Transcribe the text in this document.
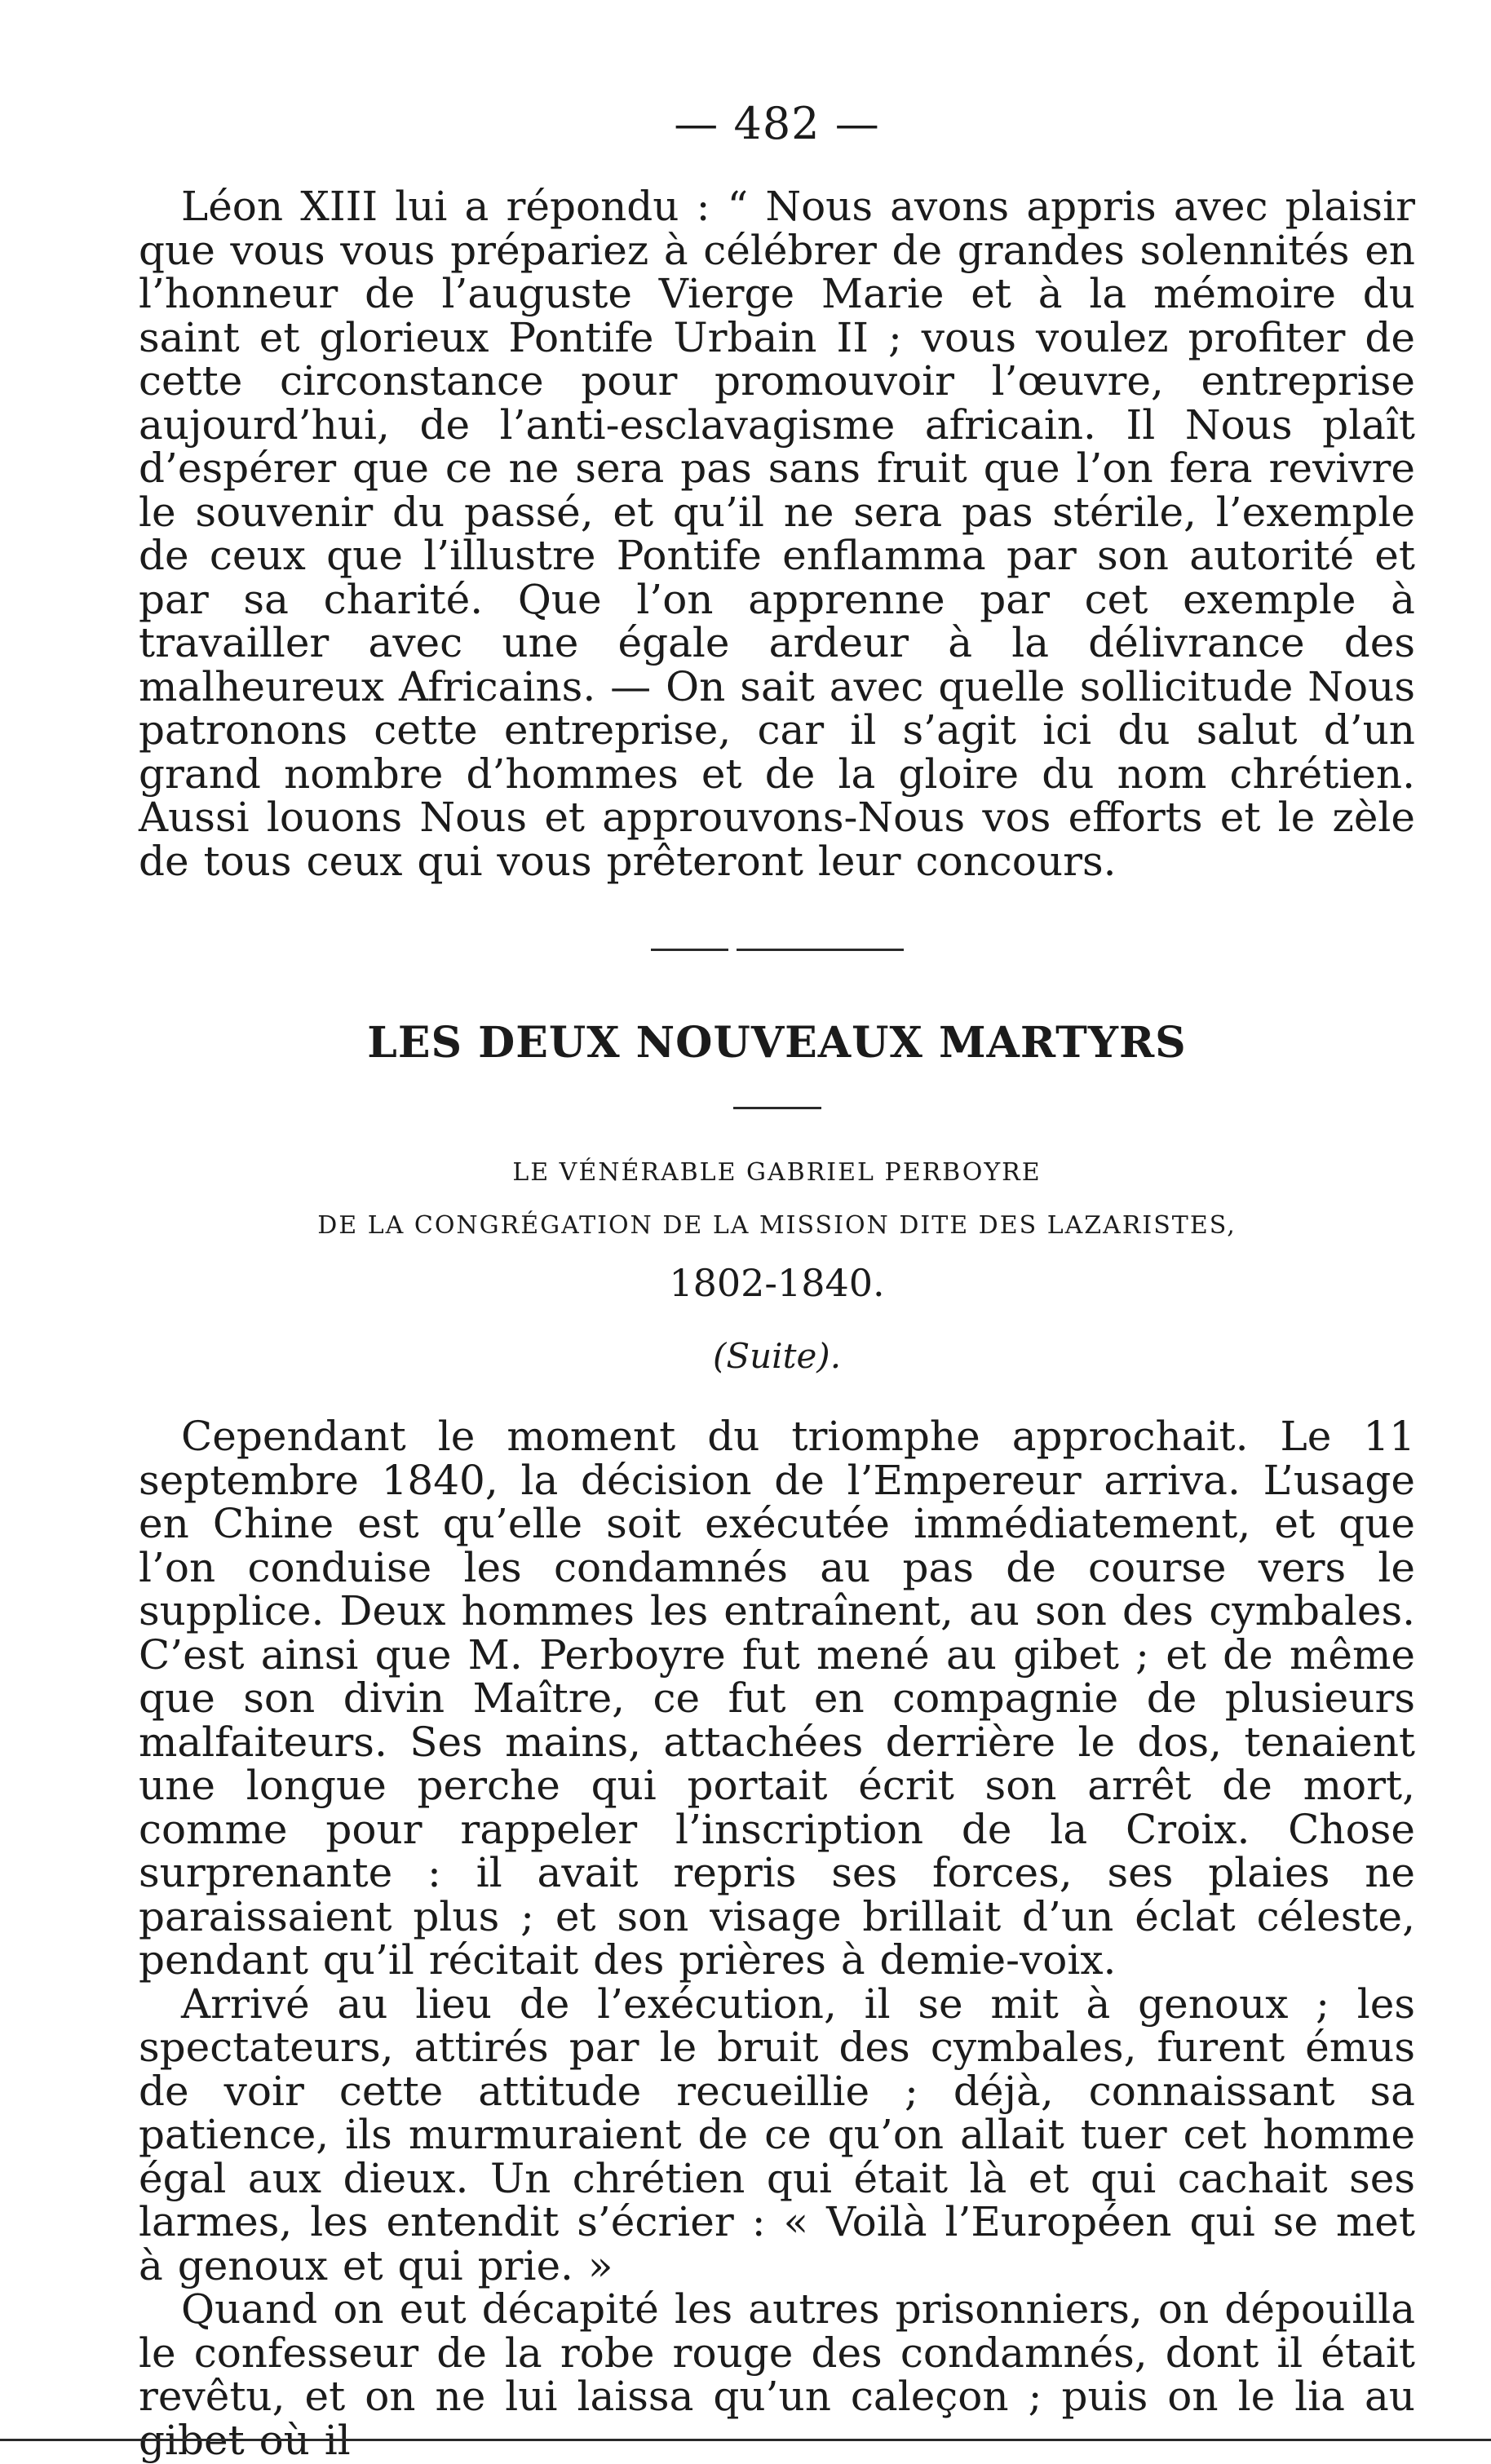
— 482 —

Léon XIII lui a répondu : “ Nous avons appris avec plaisir que vous vous prépariez à célébrer de grandes solennités en l’honneur de l’auguste Vierge Marie et à la mémoire du saint et glorieux Pontife Urbain II ; vous voulez profiter de cette circonstance pour promouvoir l’œuvre, entreprise aujourd’hui, de l’anti-esclavagisme africain. Il Nous plaît d’espérer que ce ne sera pas sans fruit que l’on fera revivre le souvenir du passé, et qu’il ne sera pas stérile, l’exemple de ceux que l’illustre Pontife enflamma par son autorité et par sa charité. Que l’on apprenne par cet exemple à travailler avec une égale ardeur à la délivrance des malheureux Africains. — On sait avec quelle sollicitude Nous patronons cette entreprise, car il s’agit ici du salut d’un grand nombre d’hommes et de la gloire du nom chrétien. Aussi louons Nous et approuvons-Nous vos efforts et le zèle de tous ceux qui vous prêteront leur concours.

LES DEUX NOUVEAUX MARTYRS

LE VÉNÉRABLE GABRIEL PERBOYRE

DE LA CONGRÉGATION DE LA MISSION DITE DES LAZARISTES,

1802-1840.
(Suite).

Cependant le moment du triomphe approchait. Le 11 septembre 1840, la décision de l’Empereur arriva. L’usage en Chine est qu’elle soit exécutée immédiatement, et que l’on conduise les condamnés au pas de course vers le supplice. Deux hommes les entraînent, au son des cymbales. C’est ainsi que M. Perboyre fut mené au gibet ; et de même que son divin Maître, ce fut en compagnie de plusieurs malfaiteurs. Ses mains, attachées derrière le dos, tenaient une longue perche qui portait écrit son arrêt de mort, comme pour rappeler l’inscription de la Croix. Chose surprenante : il avait repris ses forces, ses plaies ne paraissaient plus ; et son visage brillait d’un éclat céleste, pendant qu’il récitait des prières à demie-voix.

Arrivé au lieu de l’exécution, il se mit à genoux ; les spectateurs, attirés par le bruit des cymbales, furent émus de voir cette attitude recueillie ; déjà, connaissant sa patience, ils murmuraient de ce qu’on allait tuer cet homme égal aux dieux. Un chrétien qui était là et qui cachait ses larmes, les entendit s’écrier : « Voilà l’Européen qui se met à genoux et qui prie. »

Quand on eut décapité les autres prisonniers, on dépouilla le confesseur de la robe rouge des condamnés, dont il était revêtu, et on ne lui laissa qu’un caleçon ; puis on le lia au gibet où il
